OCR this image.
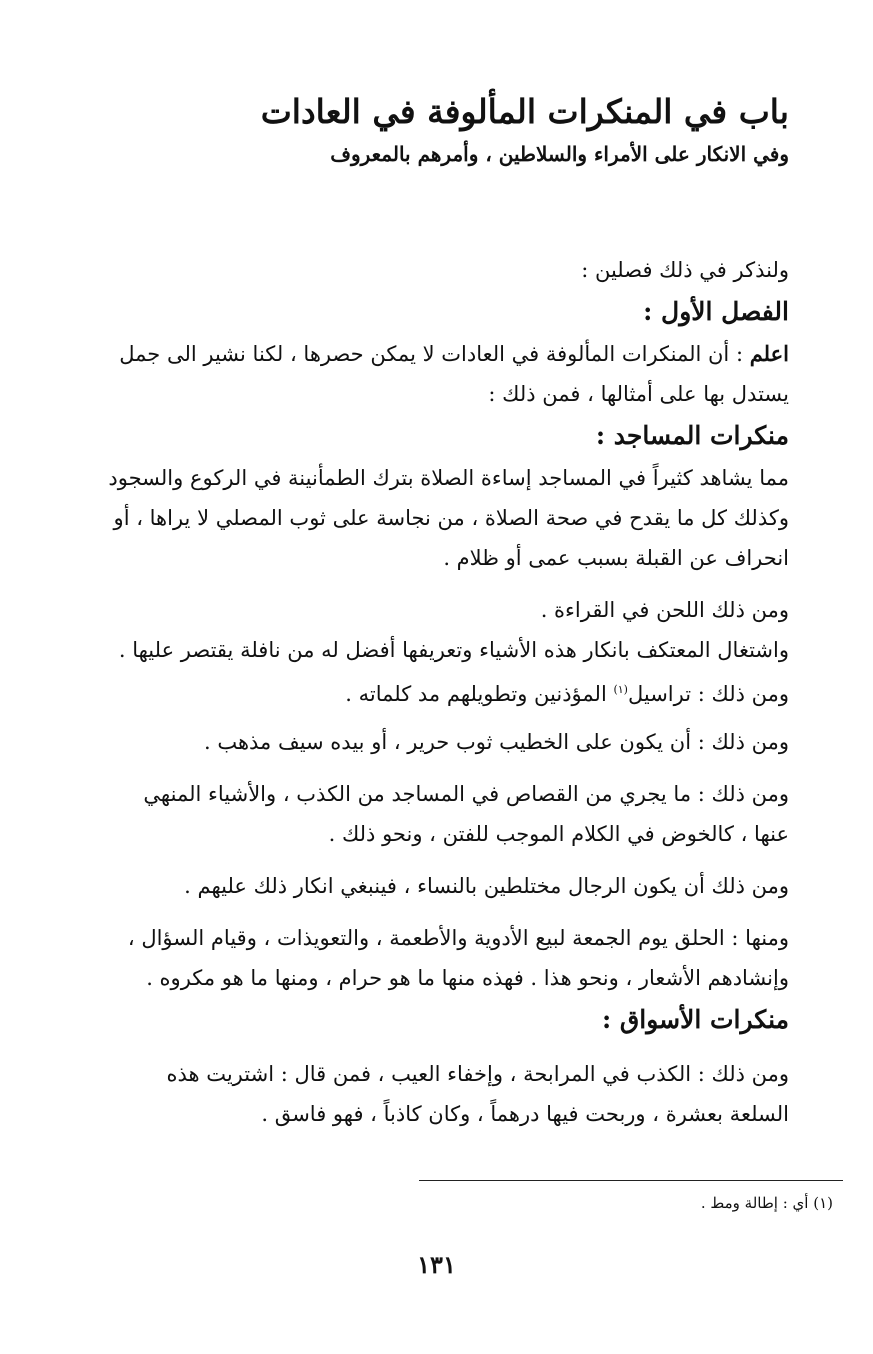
باب في المنكرات المألوفة في العادات
وفي الانكار على الأمراء والسلاطين ، وأمرهم بالمعروف
ولنذكر في ذلك فصلين :
الفصل الأول :
اعلم : أن المنكرات المألوفة في العادات لا يمكن حصرها ، لكنا نشير الى جمل
يستدل بها على أمثالها ، فمن ذلك :
منكرات المساجد :
مما يشاهد كثيراً في المساجد إساءة الصلاة بترك الطمأنينة في الركوع والسجود
وكذلك كل ما يقدح في صحة الصلاة ، من نجاسة على ثوب المصلي لا يراها ، أو
انحراف عن القبلة بسبب عمى أو ظلام .
ومن ذلك اللحن في القراءة .
واشتغال المعتكف بانكار هذه الأشياء وتعريفها أفضل له من نافلة يقتصر عليها .
ومن ذلك : تراسيل$^{(١)}$ المؤذنين وتطويلهم مد كلماته .
ومن ذلك : أن يكون على الخطيب ثوب حرير ، أو بيده سيف مذهب .
ومن ذلك : ما يجري من القصاص في المساجد من الكذب ، والأشياء المنهي
عنها ، كالخوض في الكلام الموجب للفتن ، ونحو ذلك .
ومن ذلك أن يكون الرجال مختلطين بالنساء ، فينبغي انكار ذلك عليهم .
ومنها : الحلق يوم الجمعة لبيع الأدوية والأطعمة ، والتعويذات ، وقيام السؤال ،
وإنشادهم الأشعار ، ونحو هذا . فهذه منها ما هو حرام ، ومنها ما هو مكروه .
منكرات الأسواق :
ومن ذلك : الكذب في المرابحة ، وإخفاء العيب ، فمن قال : اشتريت هذه
السلعة بعشرة ، وربحت فيها درهماً ، وكان كاذباً ، فهو فاسق .
(١) أي : إطالة ومط .
١٣١
